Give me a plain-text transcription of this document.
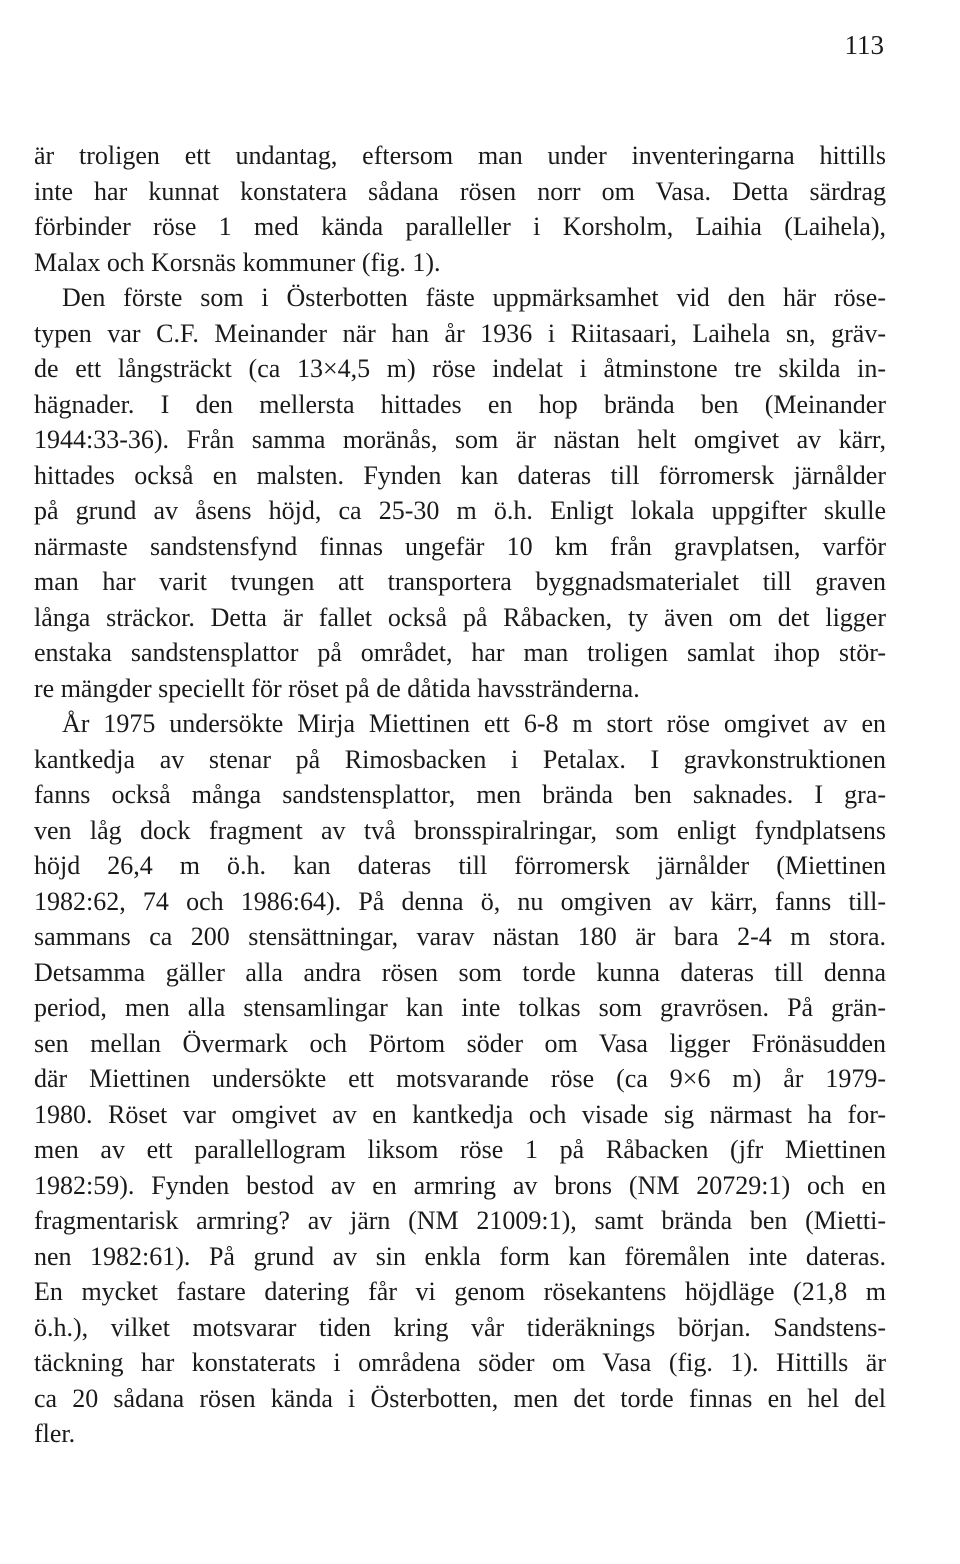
113
är troligen ett undantag, eftersom man under inventeringarna hittills
inte har kunnat konstatera sådana rösen norr om Vasa. Detta särdrag
förbinder röse 1 med kända paralleller i Korsholm, Laihia (Laihela),
Malax och Korsnäs kommuner (fig. 1).
Den förste som i Österbotten fäste uppmärksamhet vid den här röse-
typen var C.F. Meinander när han år 1936 i Riitasaari, Laihela sn, gräv-
de ett långsträckt (ca 13×4,5 m) röse indelat i åtminstone tre skilda in-
hägnader. I den mellersta hittades en hop brända ben (Meinander
1944:33-36). Från samma moränås, som är nästan helt omgivet av kärr,
hittades också en malsten. Fynden kan dateras till förromersk järnålder
på grund av åsens höjd, ca 25-30 m ö.h. Enligt lokala uppgifter skulle
närmaste sandstensfynd finnas ungefär 10 km från gravplatsen, varför
man har varit tvungen att transportera byggnadsmaterialet till graven
långa sträckor. Detta är fallet också på Råbacken, ty även om det ligger
enstaka sandstensplattor på området, har man troligen samlat ihop stör-
re mängder speciellt för röset på de dåtida havsstränderna.
År 1975 undersökte Mirja Miettinen ett 6-8 m stort röse omgivet av en
kantkedja av stenar på Rimosbacken i Petalax. I gravkonstruktionen
fanns också många sandstensplattor, men brända ben saknades. I gra-
ven låg dock fragment av två bronsspiralringar, som enligt fyndplatsens
höjd 26,4 m ö.h. kan dateras till förromersk järnålder (Miettinen
1982:62, 74 och 1986:64). På denna ö, nu omgiven av kärr, fanns till-
sammans ca 200 stensättningar, varav nästan 180 är bara 2-4 m stora.
Detsamma gäller alla andra rösen som torde kunna dateras till denna
period, men alla stensamlingar kan inte tolkas som gravrösen. På grän-
sen mellan Övermark och Pörtom söder om Vasa ligger Frönäsudden
där Miettinen undersökte ett motsvarande röse (ca 9×6 m) år 1979-
1980. Röset var omgivet av en kantkedja och visade sig närmast ha for-
men av ett parallellogram liksom röse 1 på Råbacken (jfr Miettinen
1982:59). Fynden bestod av en armring av brons (NM 20729:1) och en
fragmentarisk armring? av järn (NM 21009:1), samt brända ben (Mietti-
nen 1982:61). På grund av sin enkla form kan föremålen inte dateras.
En mycket fastare datering får vi genom rösekantens höjdläge (21,8 m
ö.h.), vilket motsvarar tiden kring vår tideräknings början. Sandstens-
täckning har konstaterats i områdena söder om Vasa (fig. 1). Hittills är
ca 20 sådana rösen kända i Österbotten, men det torde finnas en hel del
fler.
